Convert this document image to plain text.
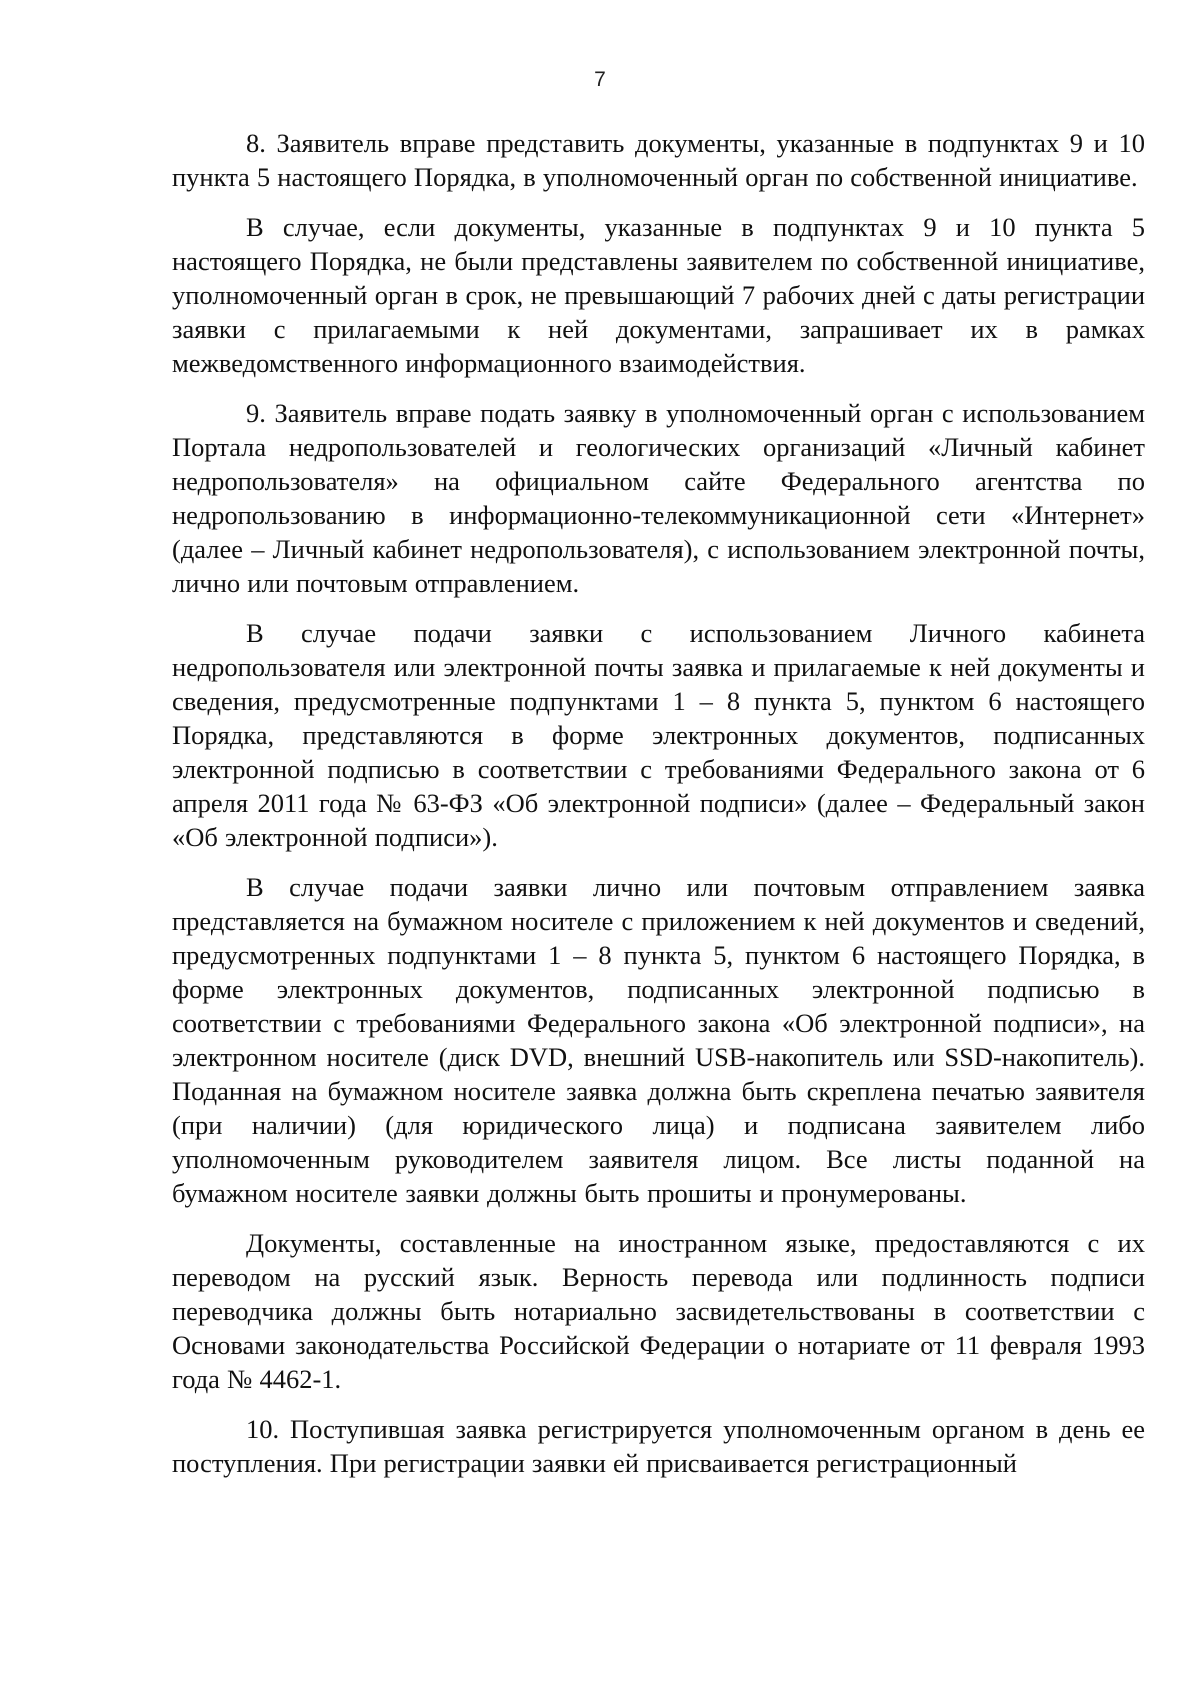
7

8. Заявитель вправе представить документы, указанные в подпунктах 9 и 10 пункта 5 настоящего Порядка, в уполномоченный орган по собственной инициативе.

В случае, если документы, указанные в подпунктах 9 и 10 пункта 5 настоящего Порядка, не были представлены заявителем по собственной инициативе, уполномоченный орган в срок, не превышающий 7 рабочих дней с даты регистрации заявки с прилагаемыми к ней документами, запрашивает их в рамках межведомственного информационного взаимодействия.

9. Заявитель вправе подать заявку в уполномоченный орган с использованием Портала недропользователей и геологических организаций «Личный кабинет недропользователя» на официальном сайте Федерального агентства по недропользованию в информационно-телекоммуникационной сети «Интернет» (далее – Личный кабинет недропользователя), с использованием электронной почты, лично или почтовым отправлением.

В случае подачи заявки с использованием Личного кабинета недропользователя или электронной почты заявка и прилагаемые к ней документы и сведения, предусмотренные подпунктами 1 – 8 пункта 5, пунктом 6 настоящего Порядка, представляются в форме электронных документов, подписанных электронной подписью в соответствии с требованиями Федерального закона от 6 апреля 2011 года № 63-ФЗ «Об электронной подписи» (далее – Федеральный закон «Об электронной подписи»).

В случае подачи заявки лично или почтовым отправлением заявка представляется на бумажном носителе с приложением к ней документов и сведений, предусмотренных подпунктами 1 – 8 пункта 5, пунктом 6 настоящего Порядка, в форме электронных документов, подписанных электронной подписью в соответствии с требованиями Федерального закона «Об электронной подписи», на электронном носителе (диск DVD, внешний USB-накопитель или SSD-накопитель). Поданная на бумажном носителе заявка должна быть скреплена печатью заявителя (при наличии) (для юридического лица) и подписана заявителем либо уполномоченным руководителем заявителя лицом. Все листы поданной на бумажном носителе заявки должны быть прошиты и пронумерованы.

Документы, составленные на иностранном языке, предоставляются с их переводом на русский язык. Верность перевода или подлинность подписи переводчика должны быть нотариально засвидетельствованы в соответствии с Основами законодательства Российской Федерации о нотариате от 11 февраля 1993 года № 4462-1.

10. Поступившая заявка регистрируется уполномоченным органом в день ее поступления. При регистрации заявки ей присваивается регистрационный
